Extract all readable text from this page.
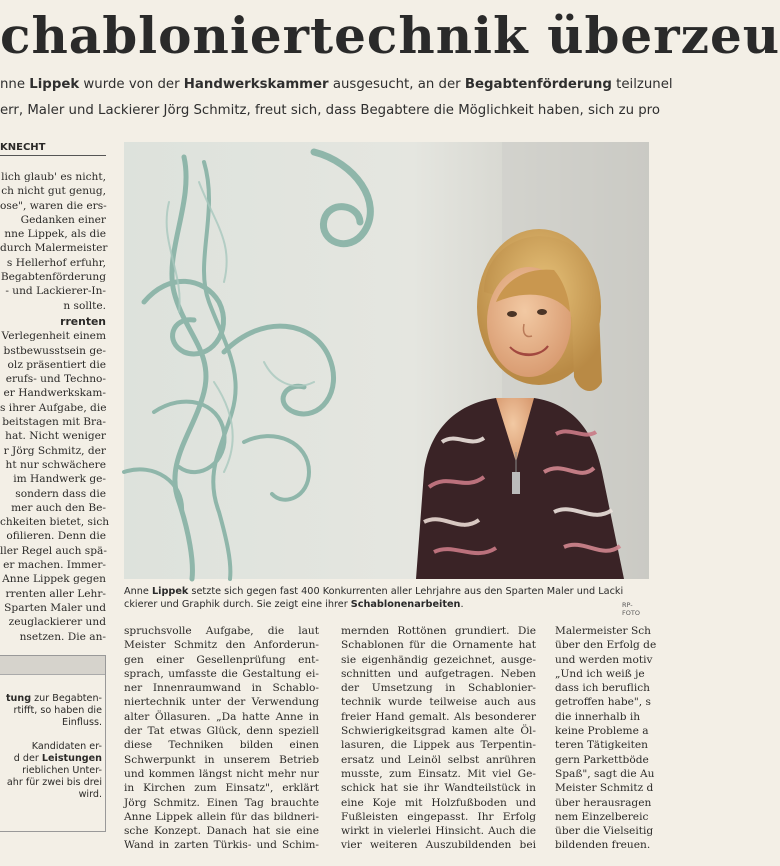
chabloniertechnik überzeu
nne Lippek wurde von der Handwerkskammer ausgesucht, an der Begabtenförderung teilzunel
err, Maler und Lackierer Jörg Schmitz, freut sich, dass Begabtere die Möglichkeit haben, sich zu pro
KNECHT

lich glaub' es nicht,

ch nicht gut genug,

ose", waren die ers-

Gedanken einer

nne Lippek, als die

durch Malermeister

s Hellerhof erfuhr,

Begabtenförderung

- und Lackierer-In-

n sollte.

rrenten

Verlegenheit einem

bstbewusstsein ge-

olz präsentiert die

erufs- und Techno-

er Handwerkskam-

s ihrer Aufgabe, die

beitstagen mit Bra-

hat. Nicht weniger

r Jörg Schmitz, der

ht nur schwächere

im Handwerk ge-

sondern dass die

mer auch den Be-

chkeiten bietet, sich

ofilieren. Denn die

ller Regel auch spä-

er machen. Immer-

Anne Lippek gegen

rrenten aller Lehr-

Sparten Maler und

zeuglackierer und

nsetzen. Die an-

Anne Lippek setzte sich gegen fast 400 Konkurrenten aller Lehrjahre aus den Sparten Maler und Lacki
ckierer und Graphik durch. Sie zeigt eine ihrer Schablonenarbeiten.	RP-FOTO

spruchsvolle Aufgabe, die laut

Meister Schmitz den Anforderun-

gen einer Gesellenprüfung ent-

sprach, umfasste die Gestaltung ei-

ner Innenraumwand in Schablo-

niertechnik unter der Verwendung

alter Öllasuren. „Da hatte Anne in

der Tat etwas Glück, denn speziell

diese Techniken bilden einen

Schwerpunkt in unserem Betrieb

und kommen längst nicht mehr nur

in Kirchen zum Einsatz", erklärt

Jörg Schmitz. Einen Tag brauchte

Anne Lippek allein für das bildneri-

sche Konzept. Danach hat sie eine

Wand in zarten Türkis- und Schim-

mernden Rottönen grundiert. Die

Schablonen für die Ornamente hat

sie eigenhändig gezeichnet, ausge-

schnitten und aufgetragen. Neben

der Umsetzung in Schablonier-

technik wurde teilweise auch aus

freier Hand gemalt. Als besonderer

Schwierigkeitsgrad kamen alte Öl-

lasuren, die Lippek aus Terpentin-

ersatz und Leinöl selbst anrühren

musste, zum Einsatz. Mit viel Ge-

schick hat sie ihr Wandteilstück in

eine Koje mit Holzfußboden und

Fußleisten eingepasst. Ihr Erfolg

wirkt in vielerlei Hinsicht. Auch die

vier weiteren Auszubildenden bei

Malermeister Sch

über den Erfolg de

und werden motiv

„Und ich weiß je

dass ich beruflich

getroffen habe", s

die innerhalb ih

keine Probleme a

teren Tätigkeiten

gern Parkettböde

Spaß", sagt die Au

Meister Schmitz d

über herausragen

nem Einzelbereic

über die Vielseitig

bildenden freuen.

tung zur Begabten-

rtifft, so haben die

Einfluss.

Kandidaten er-

d der Leistungen

rieblichen Unter-

ahr für zwei bis drei

wird.
